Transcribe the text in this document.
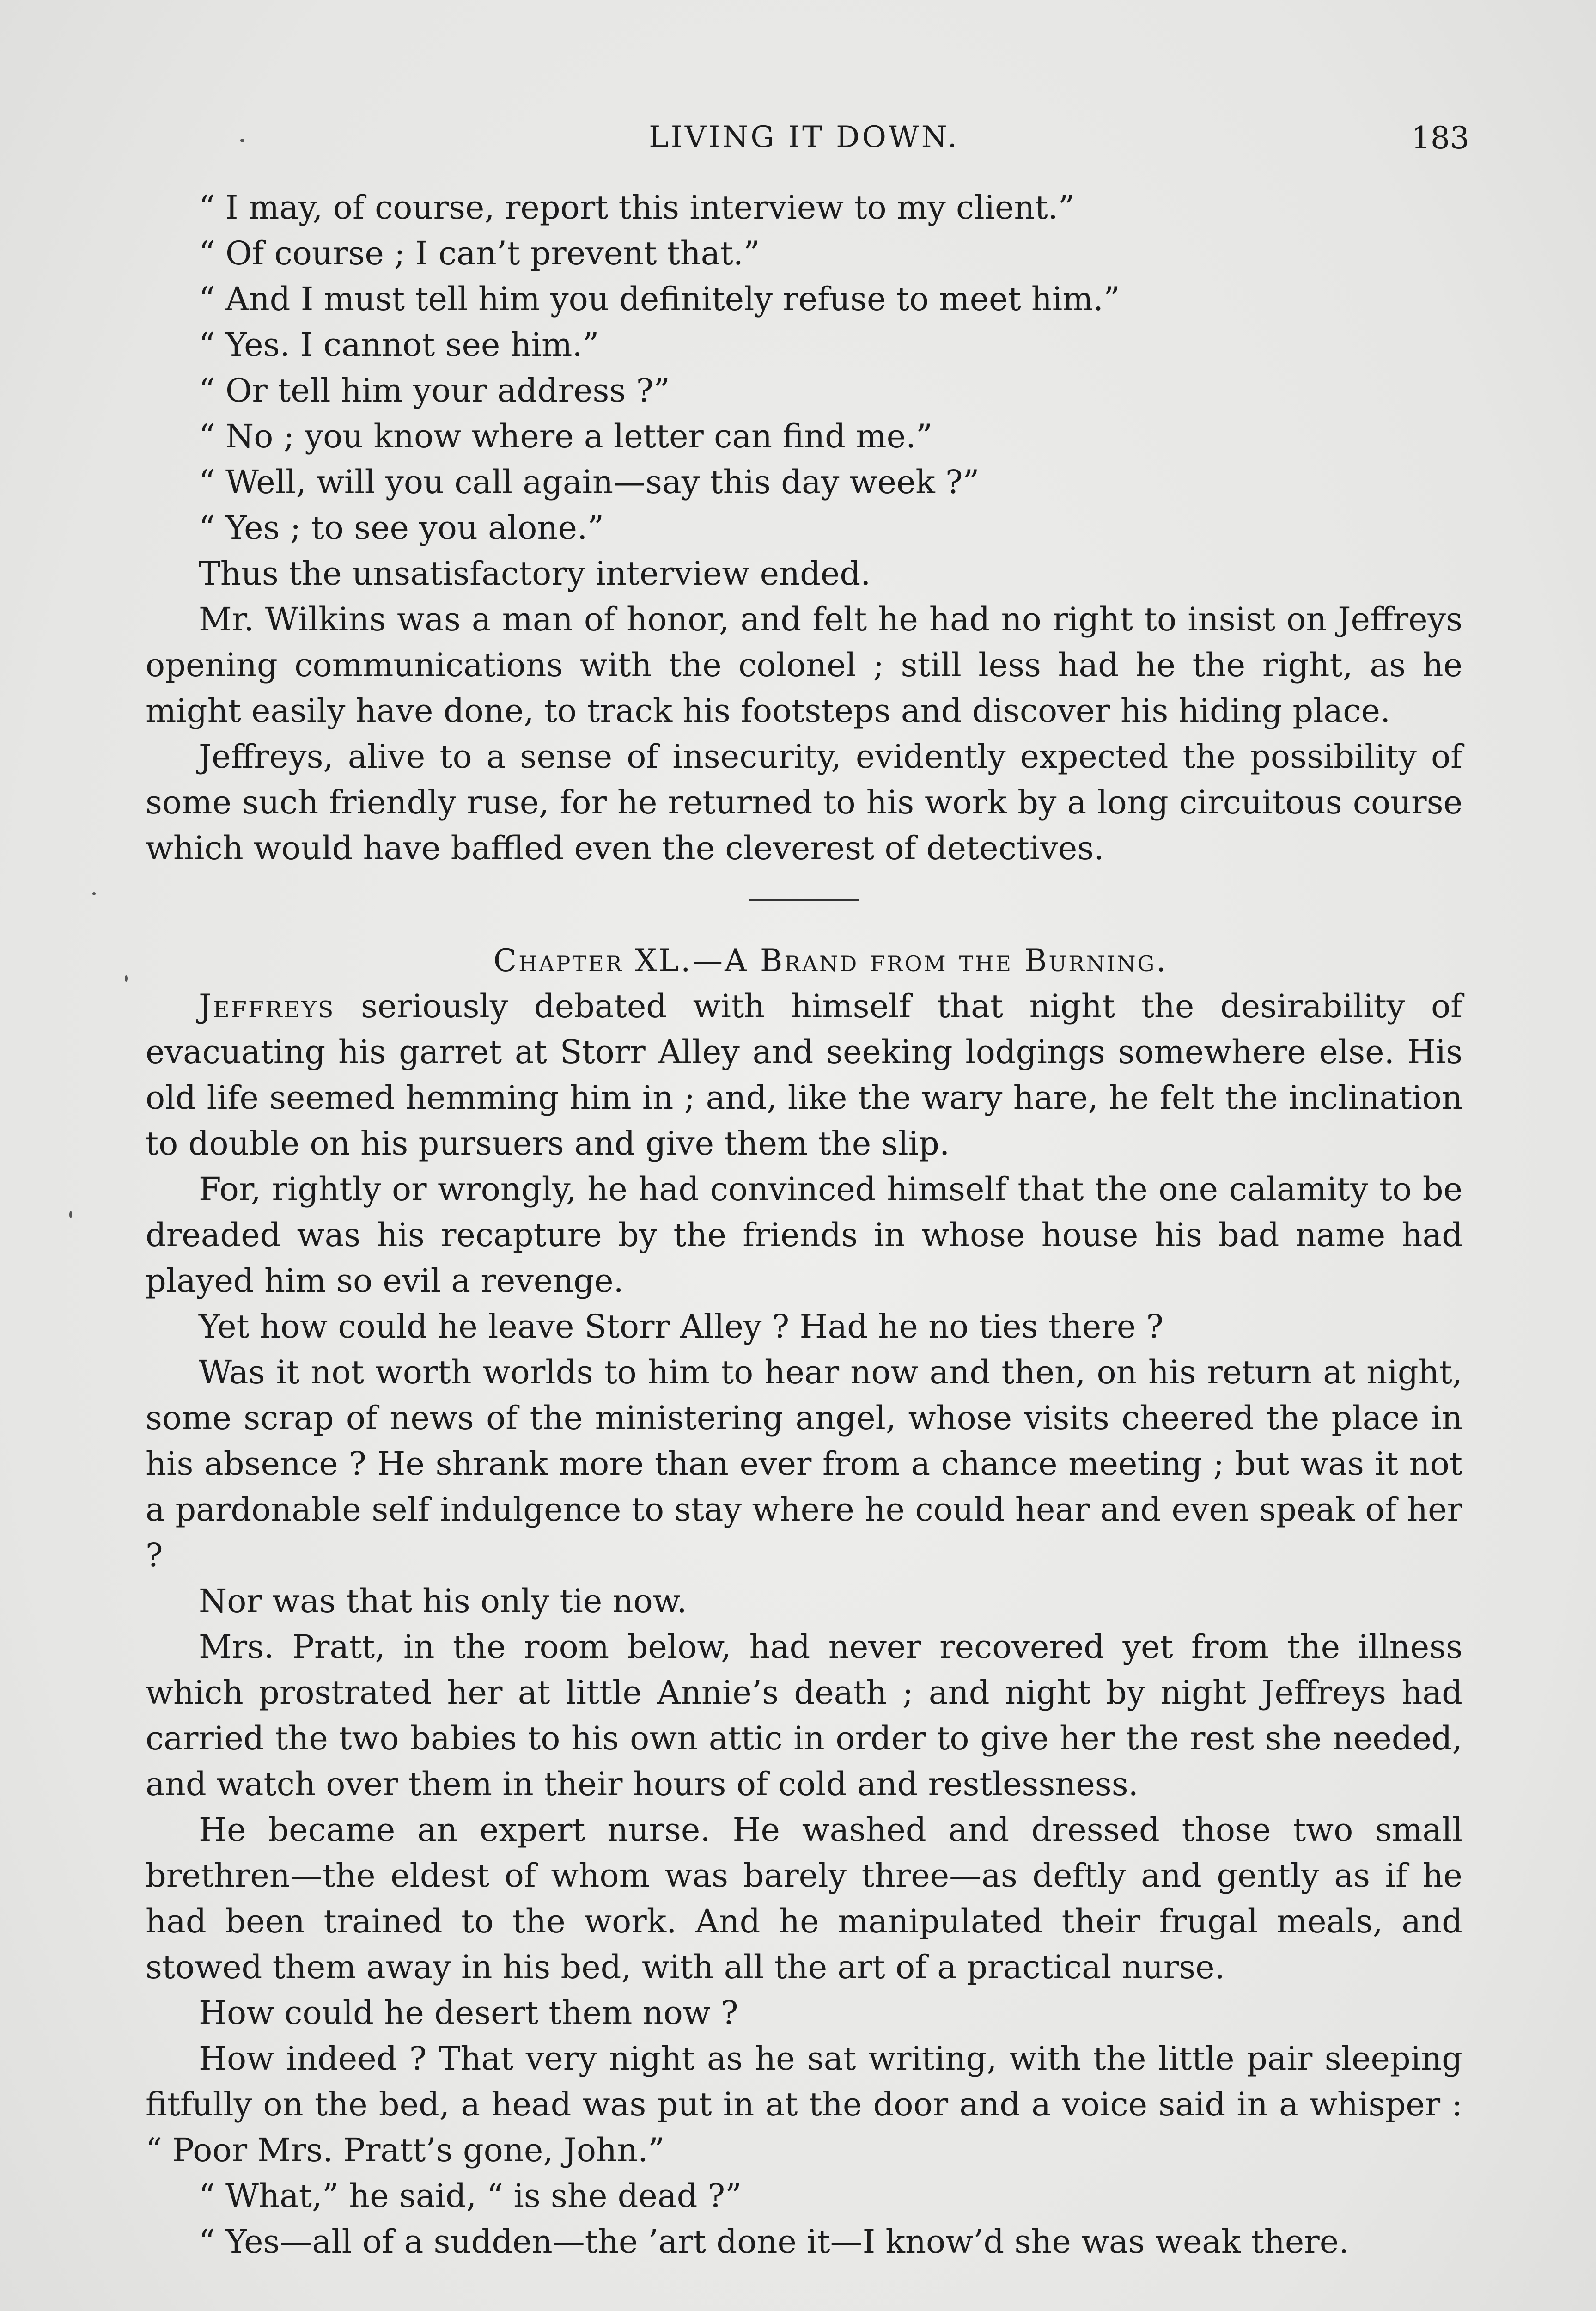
LIVING IT DOWN.	183

“ I may, of course, report this interview to my client.”

“ Of course ; I can’t prevent that.”

“ And I must tell him you definitely refuse to meet him.”

“ Yes. I cannot see him.”

“ Or tell him your address ?”

“ No ; you know where a letter can find me.”

“ Well, will you call again—say this day week ?”

“ Yes ; to see you alone.”

Thus the unsatisfactory interview ended.

Mr. Wilkins was a man of honor, and felt he had no right to insist on Jeffreys opening communications with the colonel ; still less had he the right, as he might easily have done, to track his footsteps and discover his hiding place.

Jeffreys, alive to a sense of insecurity, evidently expected the possibility of some such friendly ruse, for he returned to his work by a long circuitous course which would have baffled even the cleverest of detectives.

Chapter XL.—A Brand from the Burning.

Jeffreys seriously debated with himself that night the desirability of evacuating his garret at Storr Alley and seeking lodgings somewhere else. His old life seemed hemming him in ; and, like the wary hare, he felt the inclination to double on his pursuers and give them the slip.

For, rightly or wrongly, he had convinced himself that the one calamity to be dreaded was his recapture by the friends in whose house his bad name had played him so evil a revenge.

Yet how could he leave Storr Alley ? Had he no ties there ?

Was it not worth worlds to him to hear now and then, on his return at night, some scrap of news of the ministering angel, whose visits cheered the place in his absence ? He shrank more than ever from a chance meeting ; but was it not a pardonable self indulgence to stay where he could hear and even speak of her ?

Nor was that his only tie now.

Mrs. Pratt, in the room below, had never recovered yet from the illness which prostrated her at little Annie’s death ; and night by night Jeffreys had carried the two babies to his own attic in order to give her the rest she needed, and watch over them in their hours of cold and restlessness.

He became an expert nurse. He washed and dressed those two small brethren—the eldest of whom was barely three—as deftly and gently as if he had been trained to the work. And he manipulated their frugal meals, and stowed them away in his bed, with all the art of a practical nurse.

How could he desert them now ?

How indeed ? That very night as he sat writing, with the little pair sleeping fitfully on the bed, a head was put in at the door and a voice said in a whisper : “ Poor Mrs. Pratt’s gone, John.”

“ What,” he said, “ is she dead ?”

“ Yes—all of a sudden—the ’art done it—I know’d she was weak there.
